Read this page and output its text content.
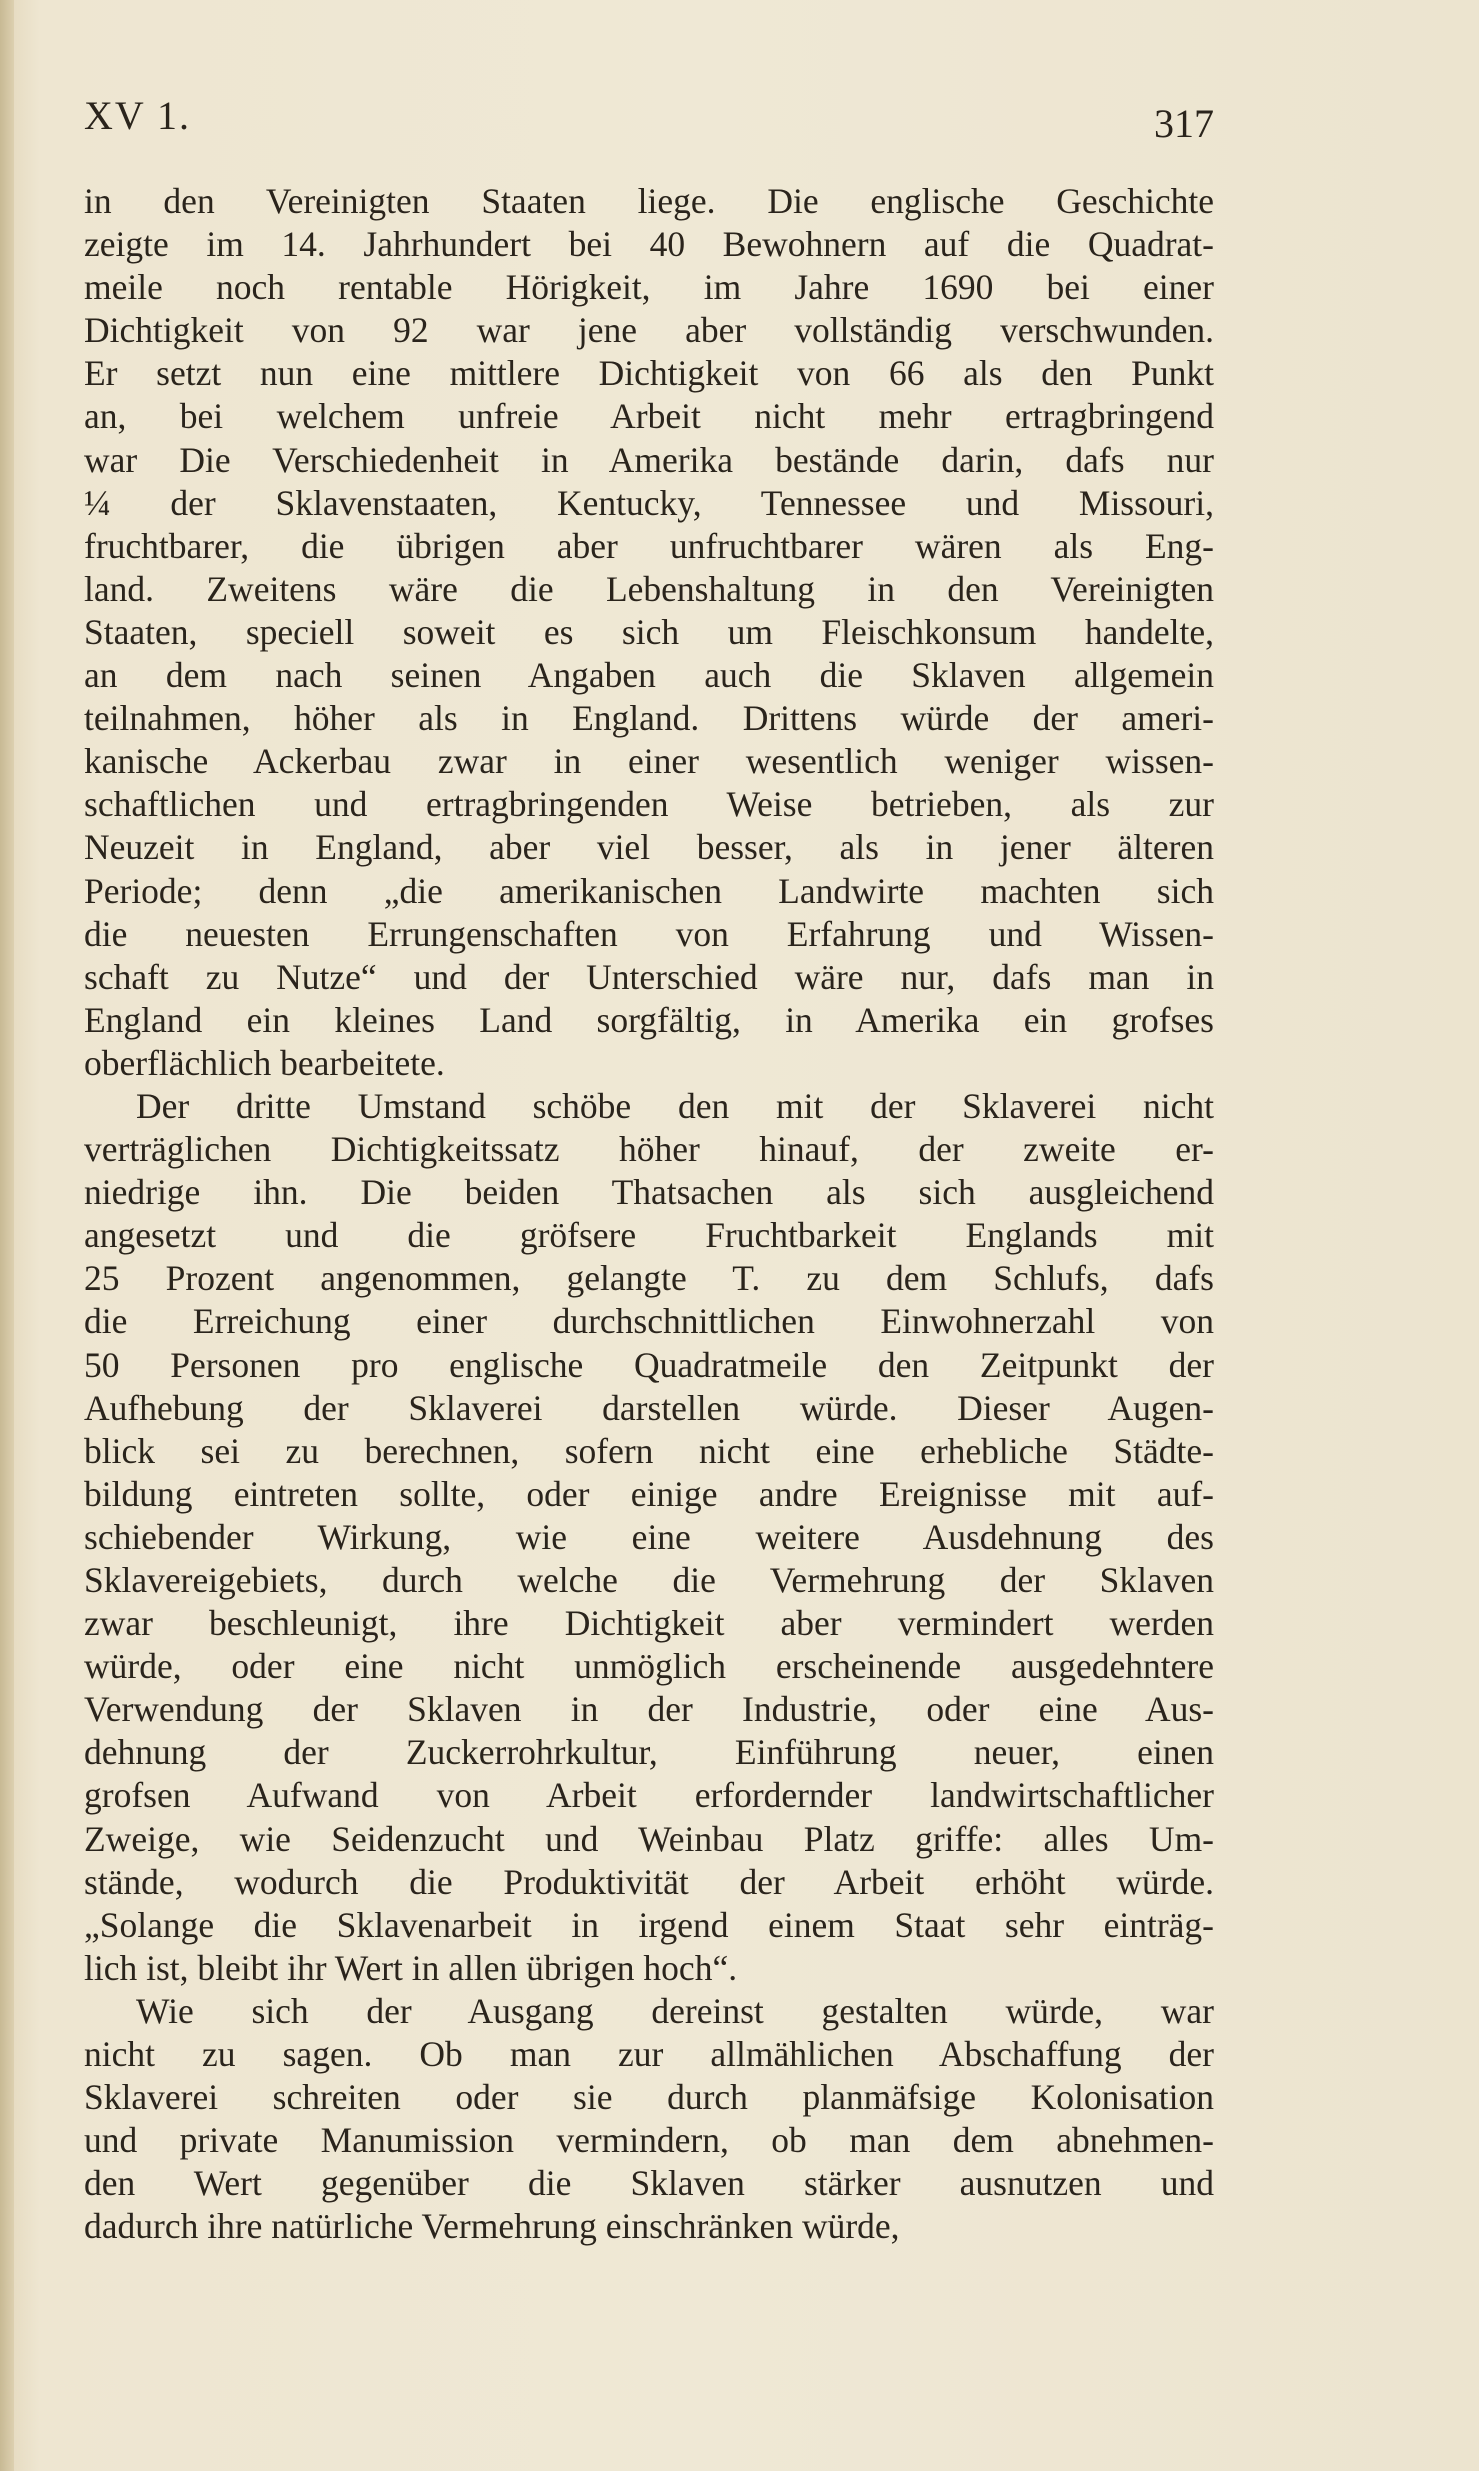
XV 1.	317
in den Vereinigten Staaten liege. Die englische Geschichte
zeigte im 14. Jahrhundert bei 40 Bewohnern auf die Quadrat-
meile noch rentable Hörigkeit, im Jahre 1690 bei einer
Dichtigkeit von 92 war jene aber vollständig verschwunden.
Er setzt nun eine mittlere Dichtigkeit von 66 als den Punkt
an, bei welchem unfreie Arbeit nicht mehr ertragbringend
war Die Verschiedenheit in Amerika bestände darin, dafs nur
¼ der Sklavenstaaten, Kentucky, Tennessee und Missouri,
fruchtbarer, die übrigen aber unfruchtbarer wären als Eng-
land. Zweitens wäre die Lebenshaltung in den Vereinigten
Staaten, speciell soweit es sich um Fleischkonsum handelte,
an dem nach seinen Angaben auch die Sklaven allgemein
teilnahmen, höher als in England. Drittens würde der ameri-
kanische Ackerbau zwar in einer wesentlich weniger wissen-
schaftlichen und ertragbringenden Weise betrieben, als zur
Neuzeit in England, aber viel besser, als in jener älteren
Periode; denn „die amerikanischen Landwirte machten sich
die neuesten Errungenschaften von Erfahrung und Wissen-
schaft zu Nutze“ und der Unterschied wäre nur, dafs man in
England ein kleines Land sorgfältig, in Amerika ein grofses
oberflächlich bearbeitete.
Der dritte Umstand schöbe den mit der Sklaverei nicht
verträglichen Dichtigkeitssatz höher hinauf, der zweite er-
niedrige ihn. Die beiden Thatsachen als sich ausgleichend
angesetzt und die gröfsere Fruchtbarkeit Englands mit
25 Prozent angenommen, gelangte T. zu dem Schlufs, dafs
die Erreichung einer durchschnittlichen Einwohnerzahl von
50 Personen pro englische Quadratmeile den Zeitpunkt der
Aufhebung der Sklaverei darstellen würde. Dieser Augen-
blick sei zu berechnen, sofern nicht eine erhebliche Städte-
bildung eintreten sollte, oder einige andre Ereignisse mit auf-
schiebender Wirkung, wie eine weitere Ausdehnung des
Sklavereigebiets, durch welche die Vermehrung der Sklaven
zwar beschleunigt, ihre Dichtigkeit aber vermindert werden
würde, oder eine nicht unmöglich erscheinende ausgedehntere
Verwendung der Sklaven in der Industrie, oder eine Aus-
dehnung der Zuckerrohrkultur, Einführung neuer, einen
grofsen Aufwand von Arbeit erfordernder landwirtschaftlicher
Zweige, wie Seidenzucht und Weinbau Platz griffe: alles Um-
stände, wodurch die Produktivität der Arbeit erhöht würde.
„Solange die Sklavenarbeit in irgend einem Staat sehr einträg-
lich ist, bleibt ihr Wert in allen übrigen hoch“.
Wie sich der Ausgang dereinst gestalten würde, war
nicht zu sagen. Ob man zur allmählichen Abschaffung der
Sklaverei schreiten oder sie durch planmäfsige Kolonisation
und private Manumission vermindern, ob man dem abnehmen-
den Wert gegenüber die Sklaven stärker ausnutzen und
dadurch ihre natürliche Vermehrung einschränken würde,
